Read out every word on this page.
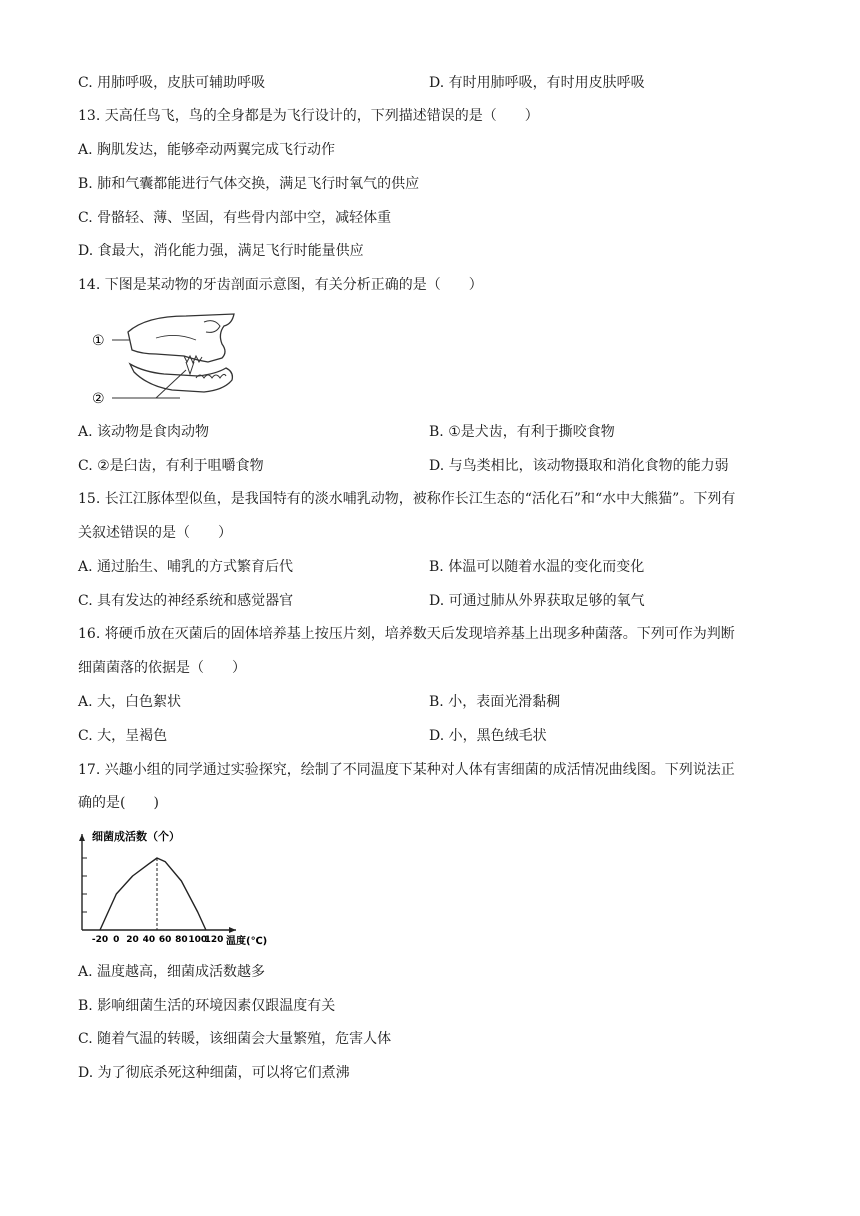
C. 用肺呼吸，皮肤可辅助呼吸	D. 有时用肺呼吸，有时用皮肤呼吸
13. 天高任鸟飞，鸟的全身都是为飞行设计的，下列描述错误的是（　　）
A. 胸肌发达，能够牵动两翼完成飞行动作
B. 肺和气囊都能进行气体交换，满足飞行时氧气的供应
C. 骨骼轻、薄、坚固，有些骨内部中空，减轻体重
D. 食最大，消化能力强，满足飞行时能量供应
14. 下图是某动物的牙齿剖面示意图，有关分析正确的是（　　）
①
②
A. 该动物是食肉动物	B. ①是犬齿，有利于撕咬食物
C. ②是臼齿，有利于咀嚼食物	D. 与鸟类相比，该动物摄取和消化食物的能力弱
15. 长江江豚体型似鱼，是我国特有的淡水哺乳动物，被称作长江生态的“活化石”和“水中大熊猫”。下列有
关叙述错误的是（　　）
A. 通过胎生、哺乳的方式繁育后代	B. 体温可以随着水温的变化而变化
C. 具有发达的神经系统和感觉器官	D. 可通过肺从外界获取足够的氧气
16. 将硬币放在灭菌后的固体培养基上按压片刻，培养数天后发现培养基上出现多种菌落。下列可作为判断
细菌菌落的依据是（　　）
A. 大，白色絮状	B. 小，表面光滑黏稠
C. 大，呈褐色	D. 小，黑色绒毛状
17. 兴趣小组的同学通过实验探究，绘制了不同温度下某种对人体有害细菌的成活情况曲线图。下列说法正
确的是(　　)
-20 0 20 40 60 80 100
120
细菌成活数（个）
温度(℃)
A. 温度越高，细菌成活数越多
B. 影响细菌生活的环境因素仅跟温度有关
C. 随着气温的转暖，该细菌会大量繁殖，危害人体
D. 为了彻底杀死这种细菌，可以将它们煮沸
